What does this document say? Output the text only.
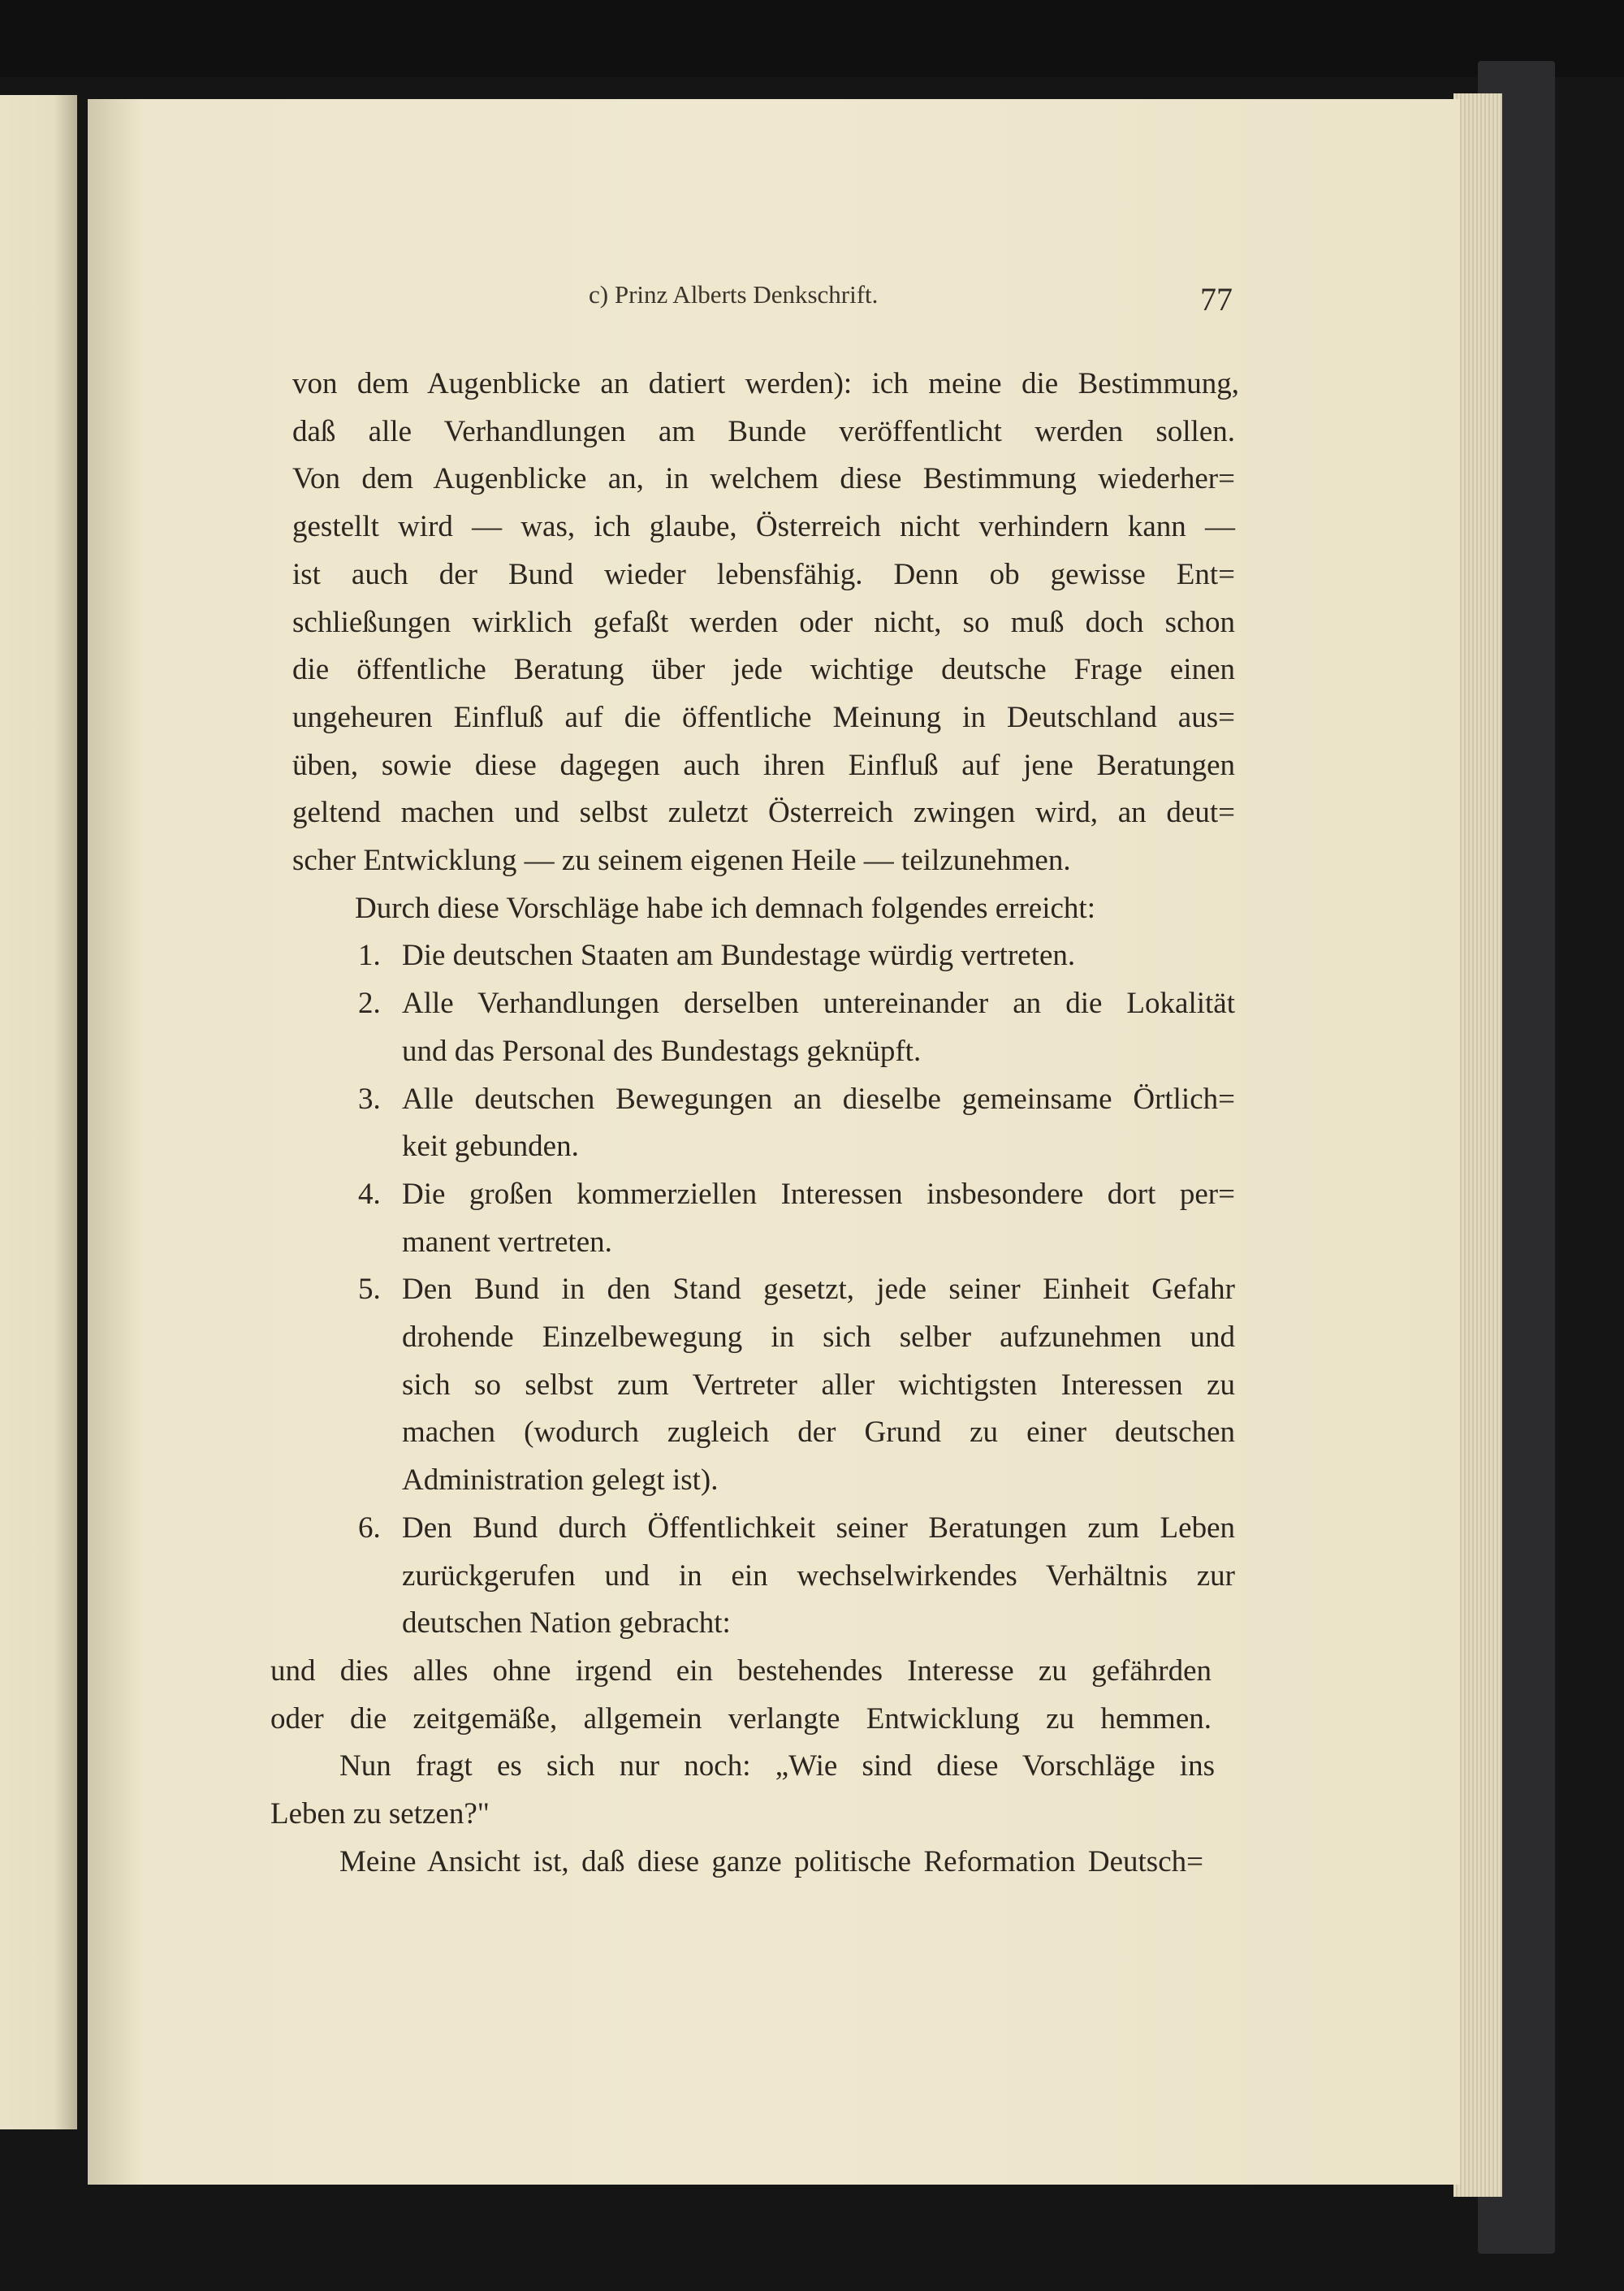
c) Prinz Alberts Denkschrift.	77
von dem Augenblicke an datiert werden): ich meine die Bestimmung,
daß alle Verhandlungen am Bunde veröffentlicht werden sollen.
Von dem Augenblicke an, in welchem diese Bestimmung wiederher=
gestellt wird — was, ich glaube, Österreich nicht verhindern kann —
ist auch der Bund wieder lebensfähig. Denn ob gewisse Ent=
schließungen wirklich gefaßt werden oder nicht, so muß doch schon
die öffentliche Beratung über jede wichtige deutsche Frage einen
ungeheuren Einfluß auf die öffentliche Meinung in Deutschland aus=
üben, sowie diese dagegen auch ihren Einfluß auf jene Beratungen
geltend machen und selbst zuletzt Österreich zwingen wird, an deut=
scher Entwicklung — zu seinem eigenen Heile — teilzunehmen.
Durch diese Vorschläge habe ich demnach folgendes erreicht:
Die deutschen Staaten am Bundestage würdig vertreten.
1.
Alle Verhandlungen derselben untereinander an die Lokalität
2.
und das Personal des Bundestags geknüpft.
Alle deutschen Bewegungen an dieselbe gemeinsame Örtlich=
3.
keit gebunden.
Die großen kommerziellen Interessen insbesondere dort per=
4.
manent vertreten.
Den Bund in den Stand gesetzt, jede seiner Einheit Gefahr
5.
drohende Einzelbewegung in sich selber aufzunehmen und
sich so selbst zum Vertreter aller wichtigsten Interessen zu
machen (wodurch zugleich der Grund zu einer deutschen
Administration gelegt ist).
Den Bund durch Öffentlichkeit seiner Beratungen zum Leben
6.
zurückgerufen und in ein wechselwirkendes Verhältnis zur
deutschen Nation gebracht:
und dies alles ohne irgend ein bestehendes Interesse zu gefährden
oder die zeitgemäße, allgemein verlangte Entwicklung zu hemmen.
Nun fragt es sich nur noch: „Wie sind diese Vorschläge ins
Leben zu setzen?"
Meine Ansicht ist, daß diese ganze politische Reformation Deutsch=
